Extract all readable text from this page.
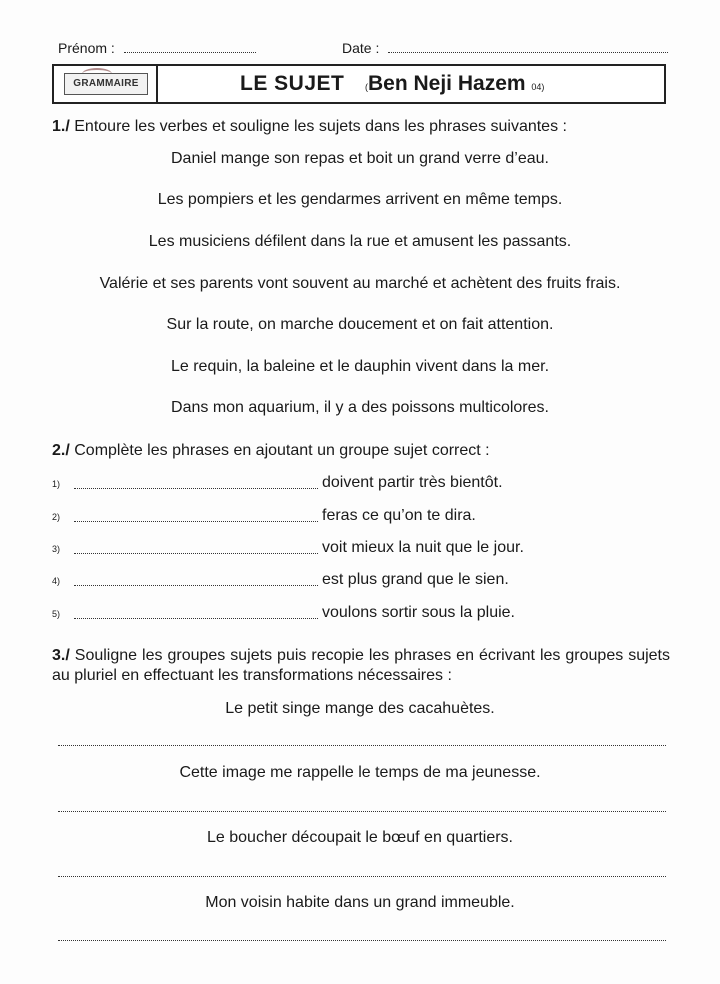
Prénom :	Date :
GRAMMAIRE	LE SUJET (Ben Neji Hazem 04)
1./ Entoure les verbes et souligne les sujets dans les phrases suivantes :
Daniel mange son repas et boit un grand verre d’eau.
Les pompiers et les gendarmes arrivent en même temps.
Les musiciens défilent dans la rue et amusent les passants.
Valérie et ses parents vont souvent au marché et achètent des fruits frais.
Sur la route, on marche doucement et on fait attention.
Le requin, la baleine et le dauphin vivent dans la mer.
Dans mon aquarium, il y a des poissons multicolores.
2./ Complète les phrases en ajoutant un groupe sujet correct :
1)	doivent partir très bientôt.
2)	feras ce qu’on te dira.
3)	voit mieux la nuit que le jour.
4)	est plus grand que le sien.
5)	voulons sortir sous la pluie.
3./ Souligne les groupes sujets puis recopie les phrases en écrivant les groupes sujets au pluriel en effectuant les transformations nécessaires :
Le petit singe mange des cacahuètes.
Cette image me rappelle le temps de ma jeunesse.
Le boucher découpait le bœuf en quartiers.
Mon voisin habite dans un grand immeuble.
